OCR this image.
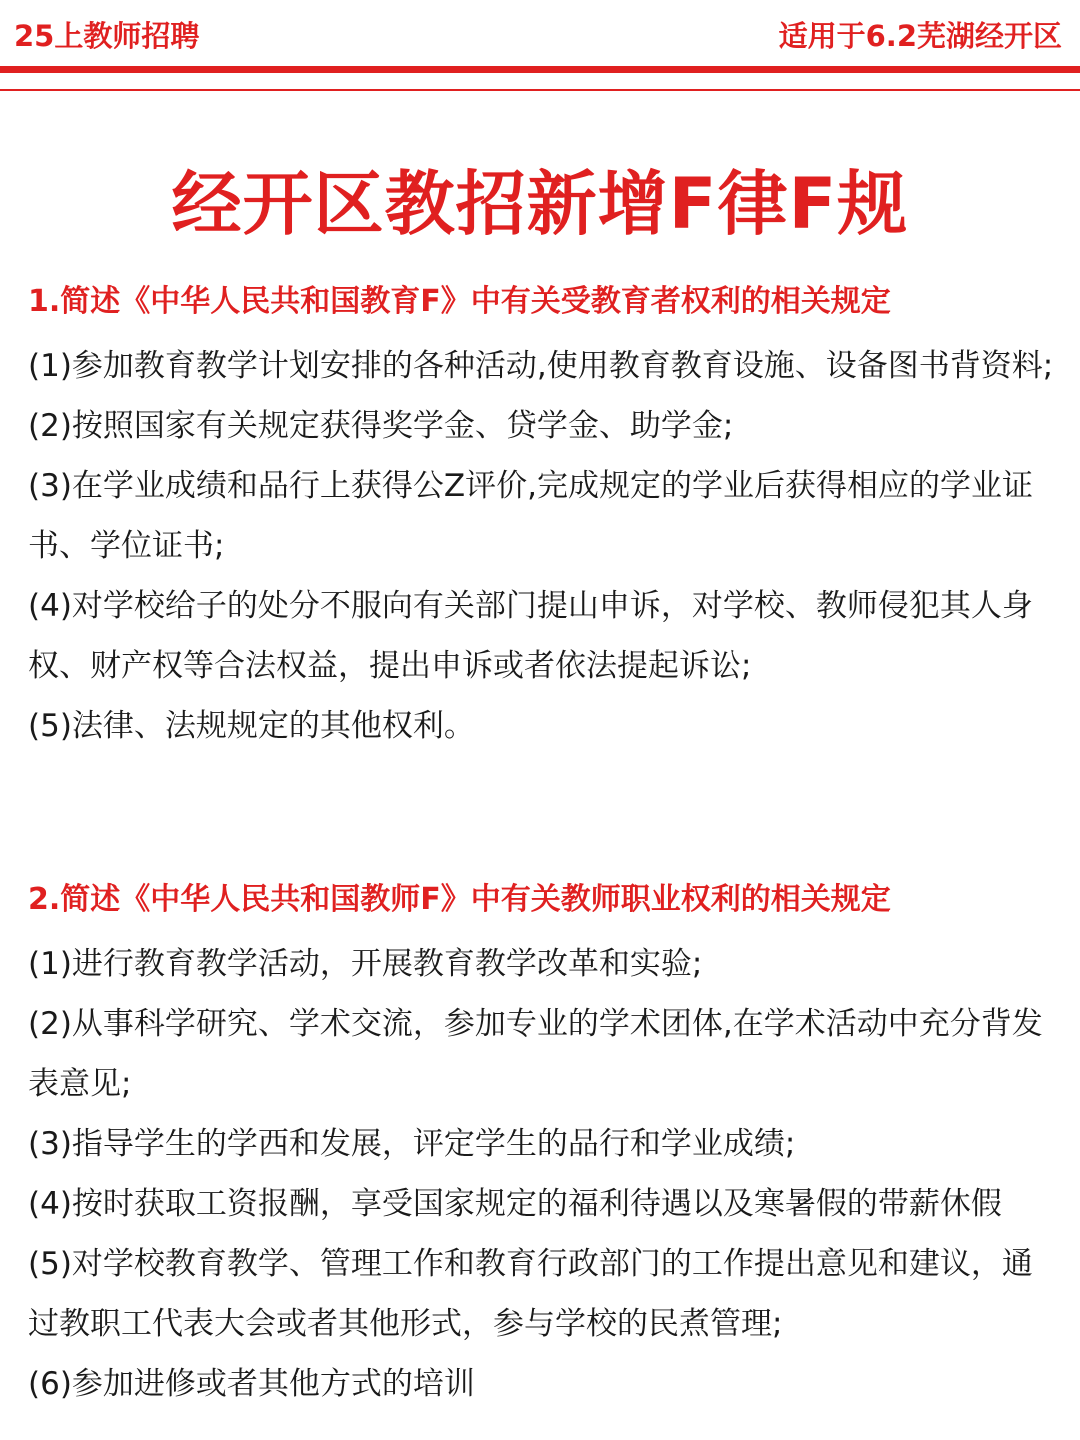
25上教师招聘	适用于6.2芜湖经开区
经开区教招新增F律F规
1.简述《中华人民共和国教育F》中有关受教育者权利的相关规定

(1)参加教育教学计划安排的各种活动,使用教育教育设施、设备图书背资料;

(2)按照国家有关规定获得奖学金、贷学金、助学金;

(3)在学业成绩和品行上获得公Z评价,完成规定的学业后获得相应的学业证书、学位证书;

(4)对学校给子的处分不服向有关部门提山申诉，对学校、教师侵犯其人身权、财产权等合法权益，提出申诉或者依法提起诉讼;

(5)法律、法规规定的其他权利。

2.简述《中华人民共和国教师F》中有关教师职业权利的相关规定

(1)进行教育教学活动，开展教育教学改革和实验;

(2)从事科学研究、学术交流，参加专业的学术团体,在学术活动中充分背发表意见;

(3)指导学生的学西和发展，评定学生的品行和学业成绩;

(4)按时获取工资报酬，享受国家规定的福利待遇以及寒暑假的带薪休假

(5)对学校教育教学、管理工作和教育行政部门的工作提出意见和建议，通过教职工代表大会或者其他形式，参与学校的民煮管理;

(6)参加进修或者其他方式的培训
